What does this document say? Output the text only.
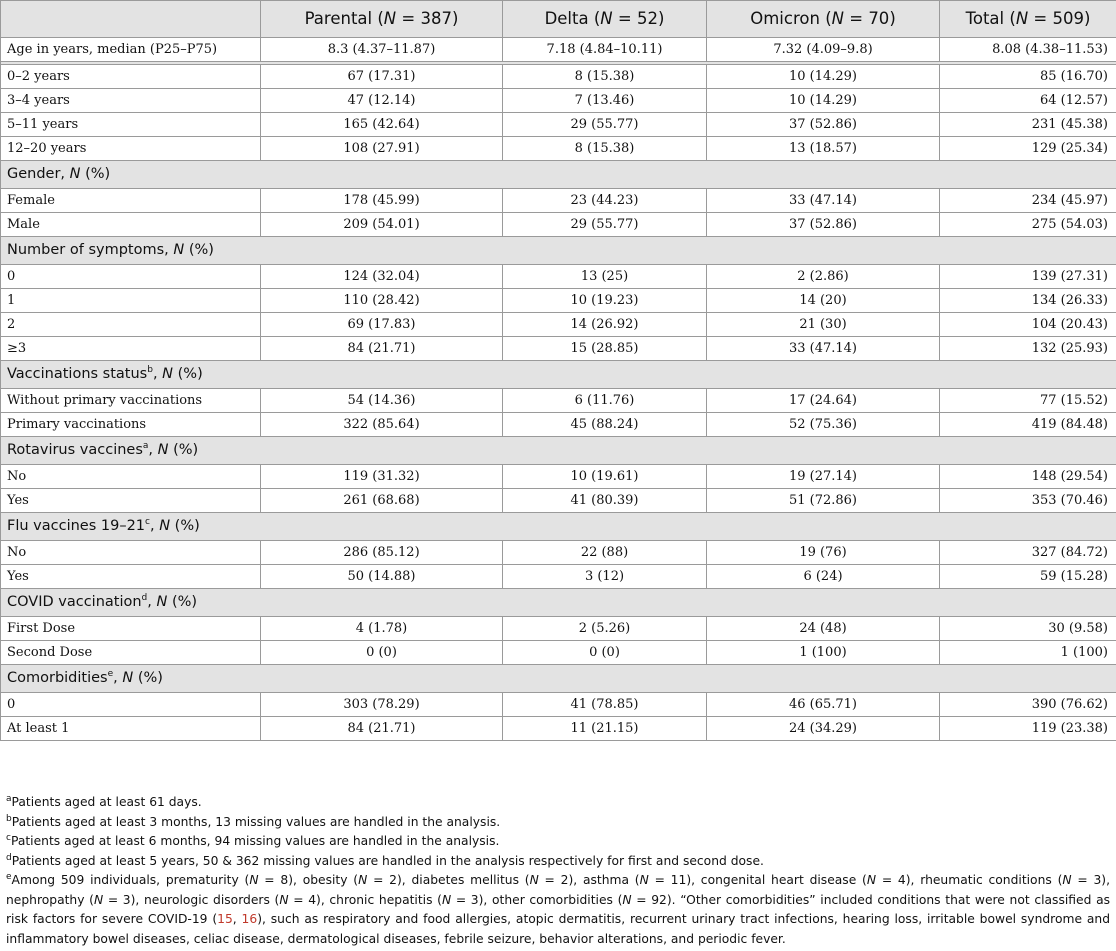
	Parental (N = 387)	Delta (N = 52)	Omicron (N = 70)	Total (N = 509)
Age in years, median (P25–P75)	8.3 (4.37–11.87)	7.18 (4.84–10.11)	7.32 (4.09–9.8)	8.08 (4.38–11.53)

0–2 years	67 (17.31)	8 (15.38)	10 (14.29)	85 (16.70)
3–4 years	47 (12.14)	7 (13.46)	10 (14.29)	64 (12.57)
5–11 years	165 (42.64)	29 (55.77)	37 (52.86)	231 (45.38)
12–20 years	108 (27.91)	8 (15.38)	13 (18.57)	129 (25.34)
Gender, N (%)				
Female	178 (45.99)	23 (44.23)	33 (47.14)	234 (45.97)
Male	209 (54.01)	29 (55.77)	37 (52.86)	275 (54.03)
Number of symptoms, N (%)				
0	124 (32.04)	13 (25)	2 (2.86)	139 (27.31)
1	110 (28.42)	10 (19.23)	14 (20)	134 (26.33)
2	69 (17.83)	14 (26.92)	21 (30)	104 (20.43)
≥3	84 (21.71)	15 (28.85)	33 (47.14)	132 (25.93)
Vaccinations status$^b$, N (%)				
Without primary vaccinations	54 (14.36)	6 (11.76)	17 (24.64)	77 (15.52)
Primary vaccinations	322 (85.64)	45 (88.24)	52 (75.36)	419 (84.48)
Rotavirus vaccines$^a$, N (%)				
No	119 (31.32)	10 (19.61)	19 (27.14)	148 (29.54)
Yes	261 (68.68)	41 (80.39)	51 (72.86)	353 (70.46)
Flu vaccines 19–21$^c$, N (%)				
No	286 (85.12)	22 (88)	19 (76)	327 (84.72)
Yes	50 (14.88)	3 (12)	6 (24)	59 (15.28)
COVID vaccination$^d$, N (%)				
First Dose	4 (1.78)	2 (5.26)	24 (48)	30 (9.58)
Second Dose	0 (0)	0 (0)	1 (100)	1 (100)
Comorbidities$^e$, N (%)				
0	303 (78.29)	41 (78.85)	46 (65.71)	390 (76.62)
At least 1	84 (21.71)	11 (21.15)	24 (34.29)	119 (23.38)

$^a$Patients aged at least 61 days.

$^b$Patients aged at least 3 months, 13 missing values are handled in the analysis.

$^c$Patients aged at least 6 months, 94 missing values are handled in the analysis.

$^d$Patients aged at least 5 years, 50 & 362 missing values are handled in the analysis respectively for first and second dose.

$^e$Among 509 individuals, prematurity (N = 8), obesity (N = 2), diabetes mellitus (N = 2), asthma (N = 11), congenital heart disease (N = 4), rheumatic conditions (N = 3), nephropathy (N = 3), neurologic disorders (N = 4), chronic hepatitis (N = 3), other comorbidities (N = 92). “Other comorbidities” included conditions that were not classified as risk factors for severe COVID-19 (15, 16), such as respiratory and food allergies, atopic dermatitis, recurrent urinary tract infections, hearing loss, irritable bowel syndrome and inflammatory bowel diseases, celiac disease, dermatological diseases, febrile seizure, behavior alterations, and periodic fever.
